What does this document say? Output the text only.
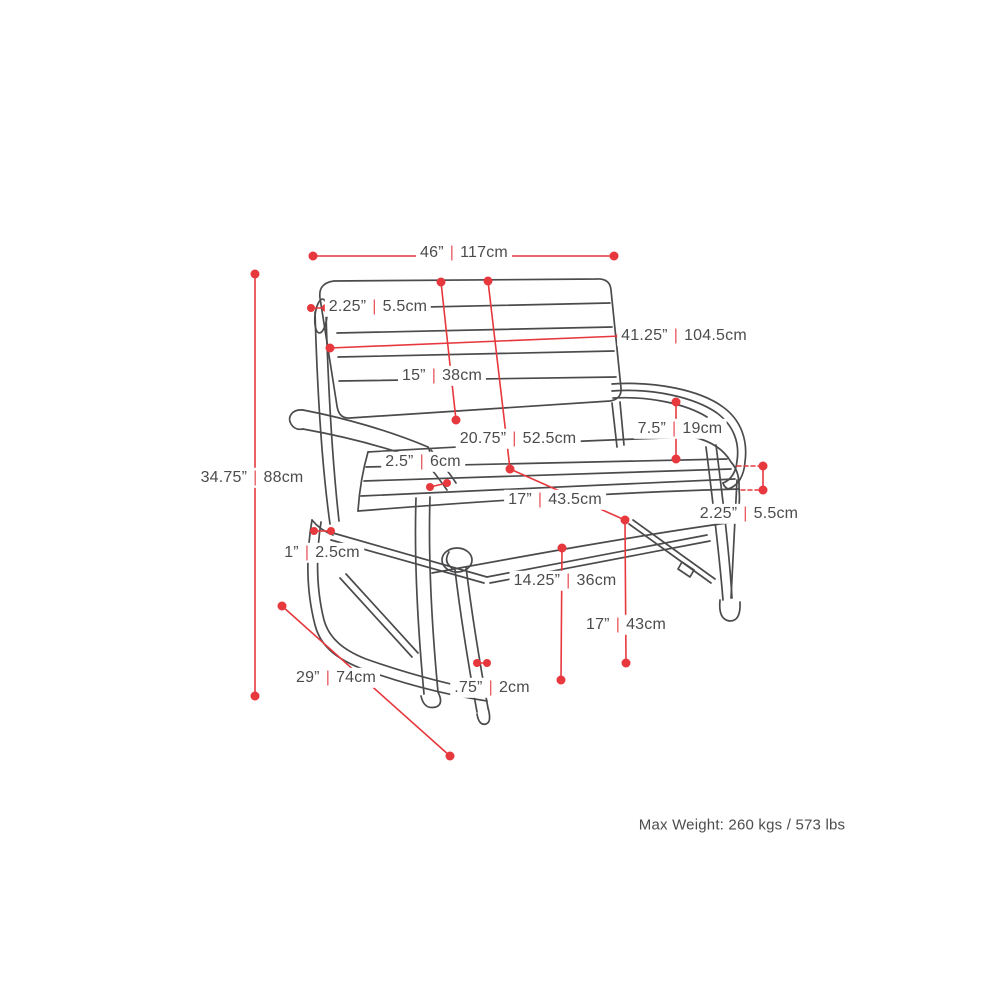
46” | 117cm
2.25” | 5.5cm
41.25” | 104.5cm
15” | 38cm
20.75” | 52.5cm
7.5” | 19cm
2.5” | 6cm
17” | 43.5cm
2.25” | 5.5cm
1” | 2.5cm
14.25” | 36cm
17” | 43cm
34.75” | 88cm
29” | 74cm
.75” | 2cm
Max Weight: 260 kgs / 573 lbs
